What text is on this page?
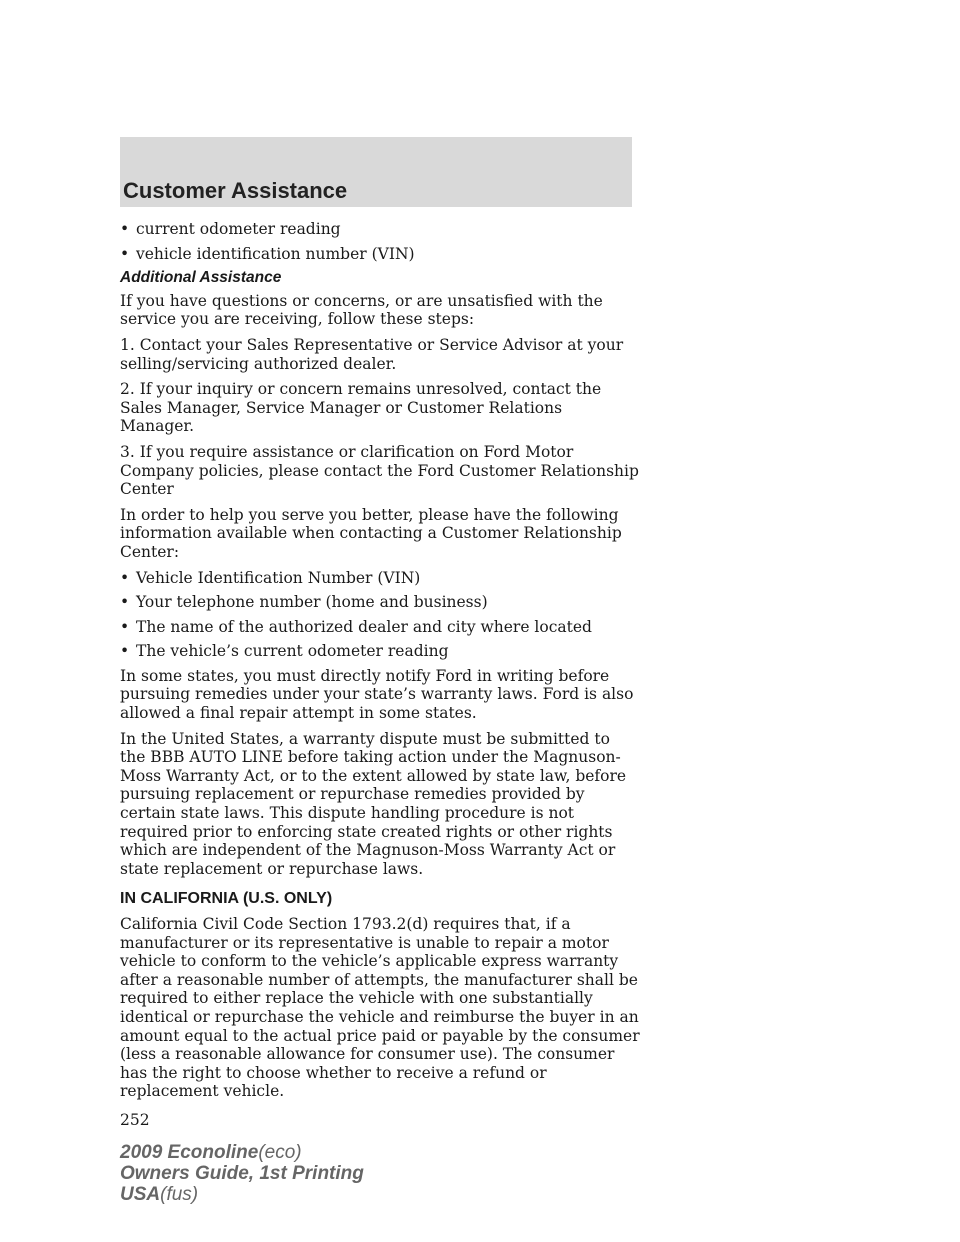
Customer Assistance
• current odometer reading
• vehicle identification number (VIN)
Additional Assistance

If you have questions or concerns, or are unsatisfied with the service you are receiving, follow these steps:

1. Contact your Sales Representative or Service Advisor at your selling/servicing authorized dealer.

2. If your inquiry or concern remains unresolved, contact the Sales Manager, Service Manager or Customer Relations Manager.

3. If you require assistance or clarification on Ford Motor Company policies, please contact the Ford Customer Relationship Center

In order to help you serve you better, please have the following information available when contacting a Customer Relationship Center:

• Vehicle Identification Number (VIN)
• Your telephone number (home and business)
• The name of the authorized dealer and city where located
• The vehicle’s current odometer reading

In some states, you must directly notify Ford in writing before pursuing remedies under your state’s warranty laws. Ford is also allowed a final repair attempt in some states.

In the United States, a warranty dispute must be submitted to the BBB AUTO LINE before taking action under the Magnuson-Moss Warranty Act, or to the extent allowed by state law, before pursuing replacement or repurchase remedies provided by certain state laws. This dispute handling procedure is not required prior to enforcing state created rights or other rights which are independent of the Magnuson-Moss Warranty Act or state replacement or repurchase laws.

IN CALIFORNIA (U.S. ONLY)

California Civil Code Section 1793.2(d) requires that, if a manufacturer or its representative is unable to repair a motor vehicle to conform to the vehicle’s applicable express warranty after a reasonable number of attempts, the manufacturer shall be required to either replace the vehicle with one substantially identical or repurchase the vehicle and reimburse the buyer in an amount equal to the actual price paid or payable by the consumer (less a reasonable allowance for consumer use). The consumer has the right to choose whether to receive a refund or replacement vehicle.

252
2009 Econoline(eco)
Owners Guide, 1st Printing
USA(fus)
